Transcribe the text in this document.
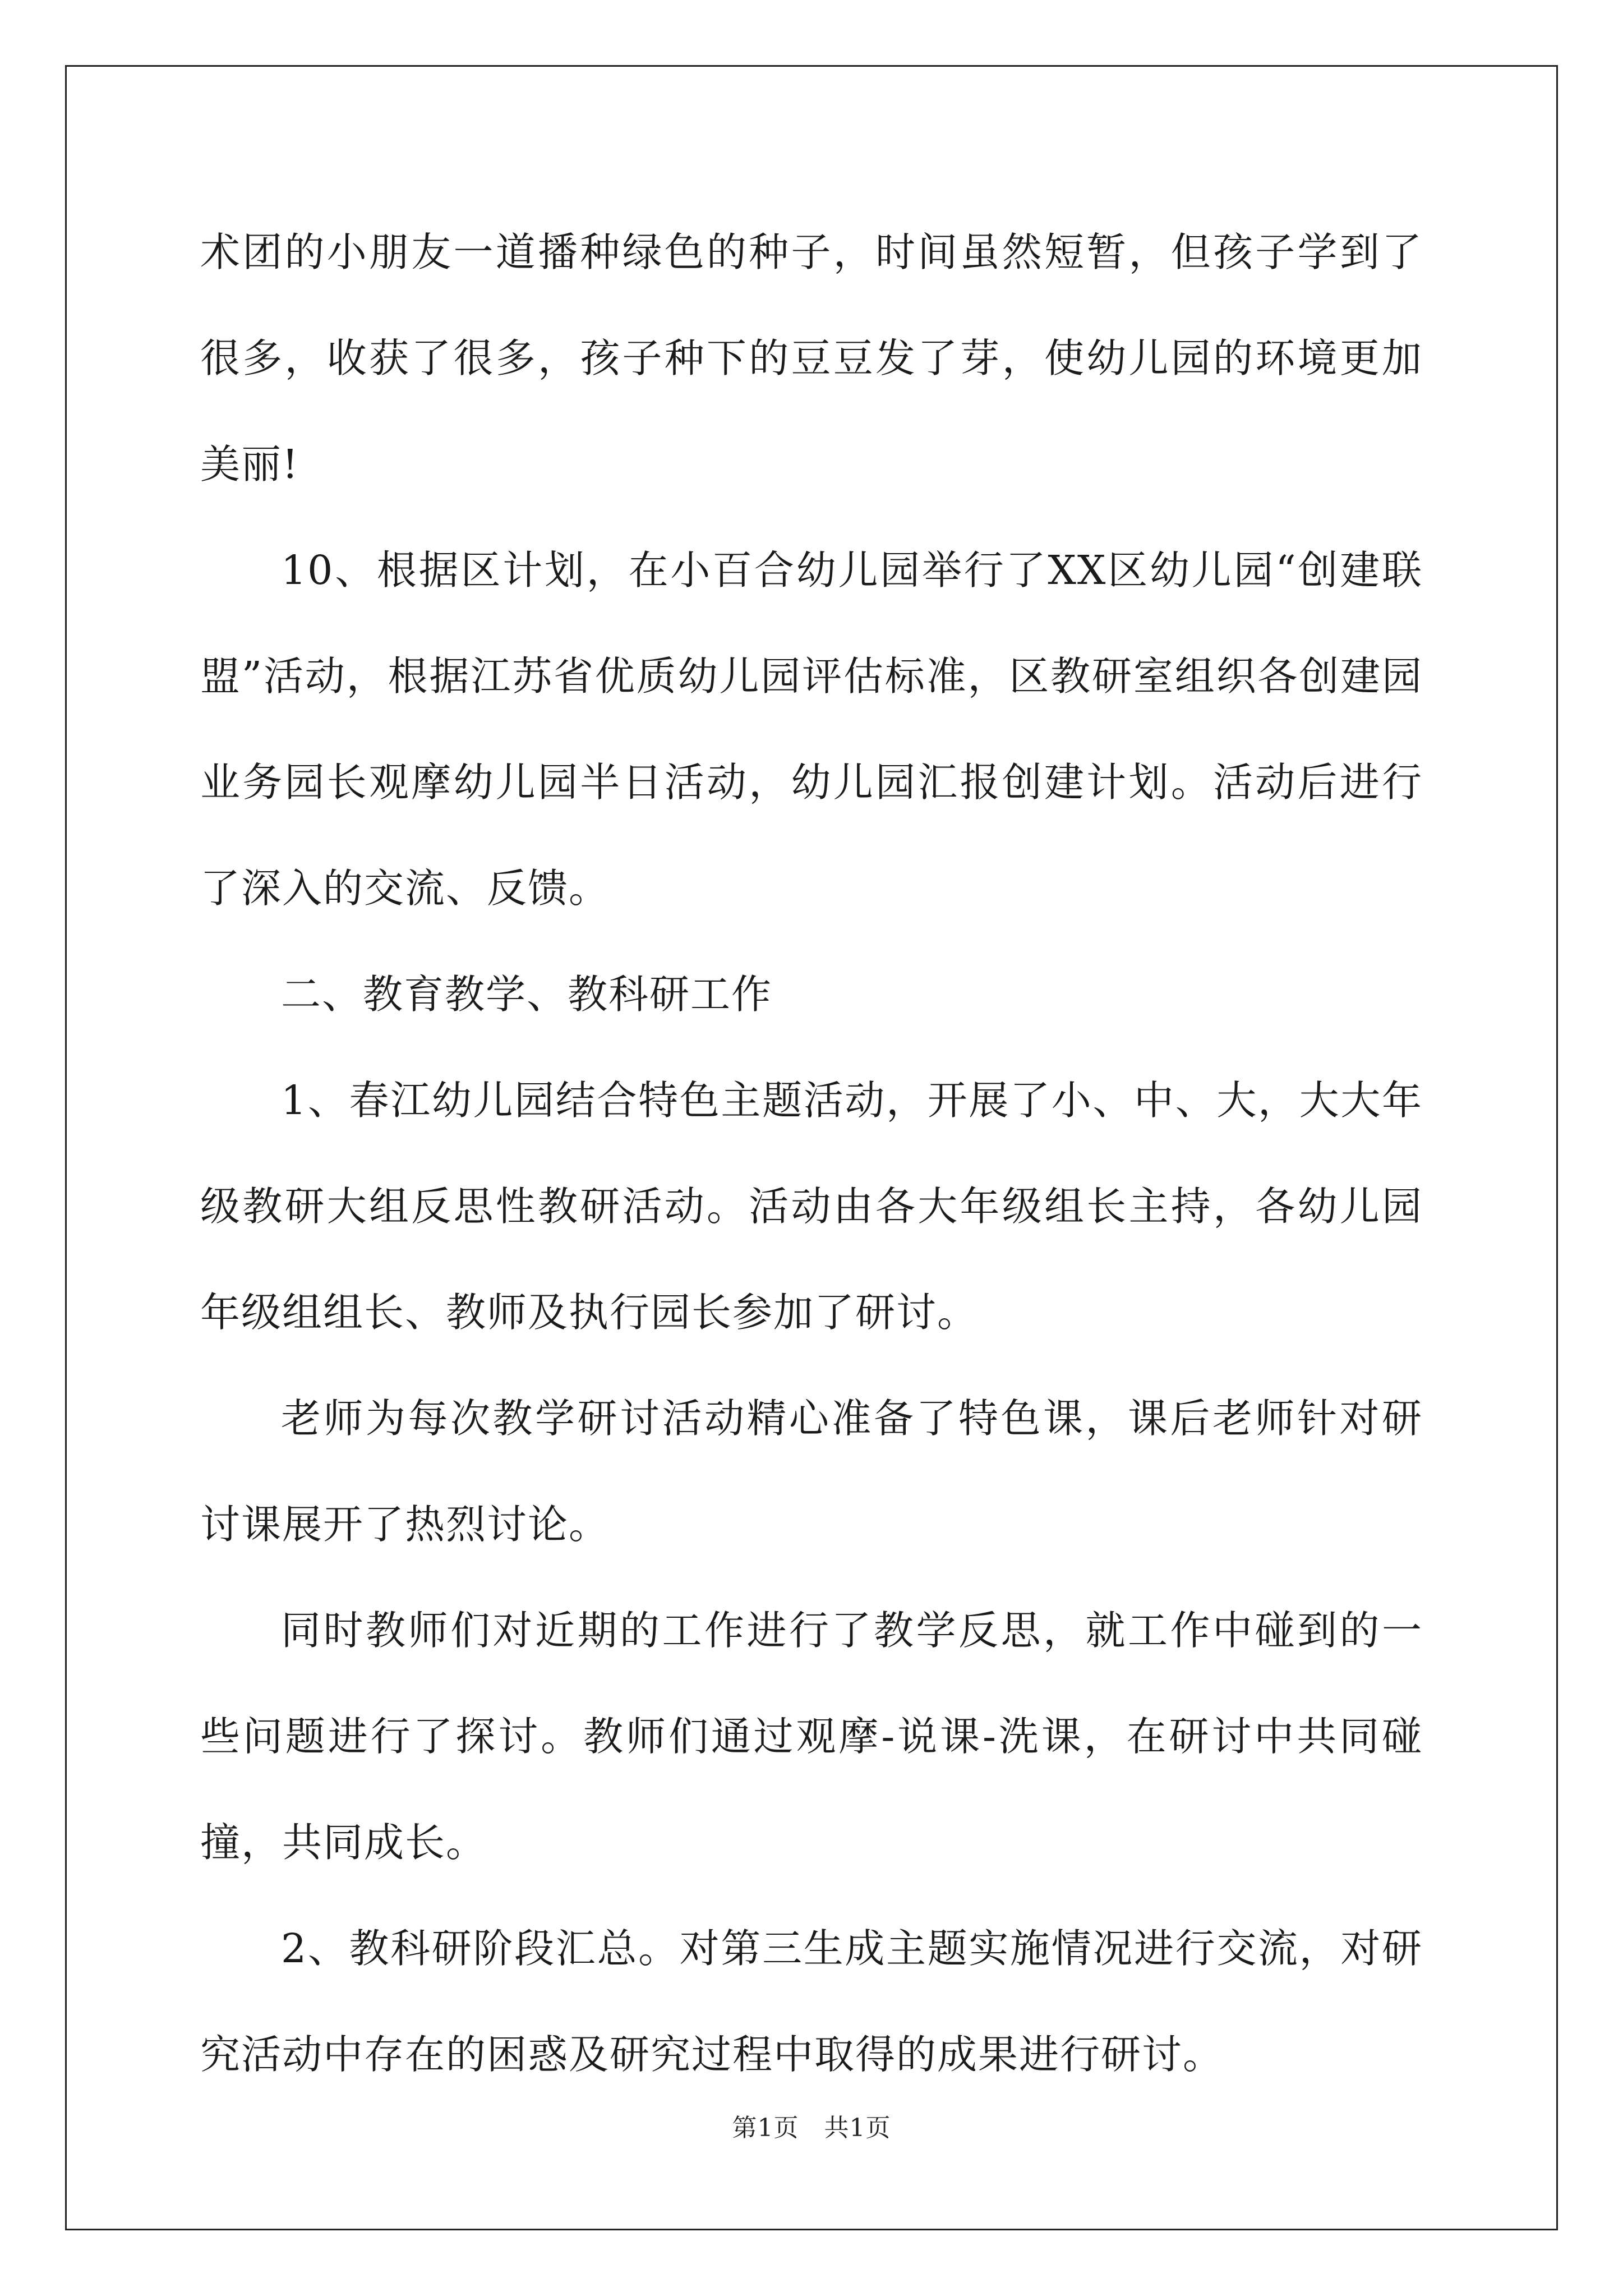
术团的小朋友一道播种绿色的种子，时间虽然短暂，但孩子学到了很多，收获了很多，孩子种下的豆豆发了芽，使幼儿园的环境更加美丽!

10、根据区计划，在小百合幼儿园举行了XX区幼儿园“创建联盟”活动，根据江苏省优质幼儿园评估标准，区教研室组织各创建园业务园长观摩幼儿园半日活动，幼儿园汇报创建计划。活动后进行了深入的交流、反馈。

二、教育教学、教科研工作

1、春江幼儿园结合特色主题活动，开展了小、中、大，大大年级教研大组反思性教研活动。活动由各大年级组长主持，各幼儿园年级组组长、教师及执行园长参加了研讨。

老师为每次教学研讨活动精心准备了特色课，课后老师针对研讨课展开了热烈讨论。

同时教师们对近期的工作进行了教学反思，就工作中碰到的一些问题进行了探讨。教师们通过观摩-说课-洗课，在研讨中共同碰撞，共同成长。

2、教科研阶段汇总。对第三生成主题实施情况进行交流，对研究活动中存在的困惑及研究过程中取得的成果进行研讨。

第1页　共1页
